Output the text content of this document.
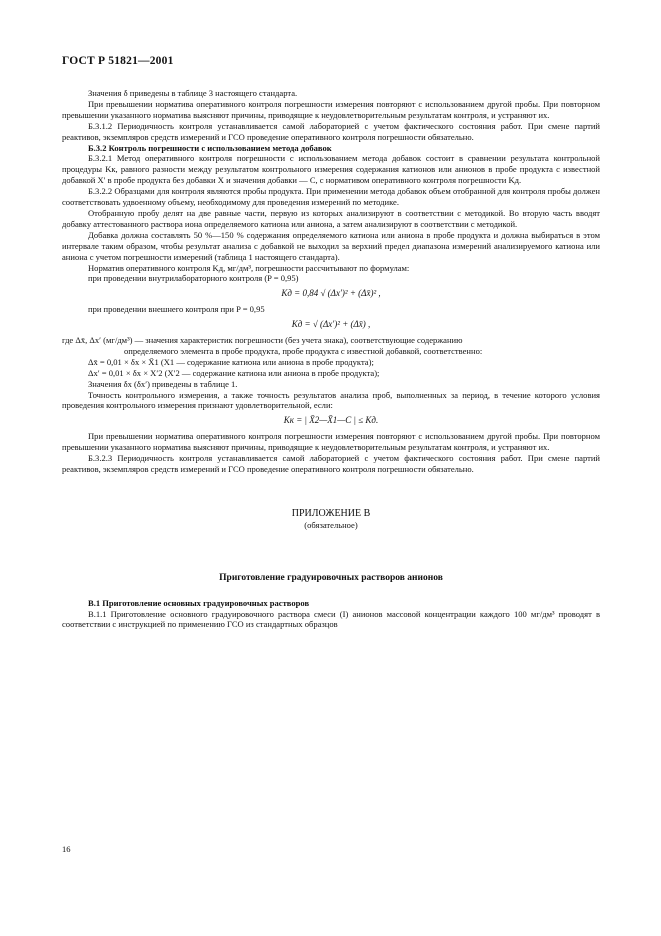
ГОСТ Р 51821—2001

Значения δ приведены в таблице 3 настоящего стандарта.

При превышении норматива оперативного контроля погрешности измерения повторяют с использованием другой пробы. При повторном превышении указанного норматива выясняют причины, приводящие к неудовлетворительным результатам контроля, и устраняют их.

Б.3.1.2 Периодичность контроля устанавливается самой лабораторией с учетом фактического состояния работ. При смене партий реактивов, экземпляров средств измерений и ГСО проведение оперативного контроля погрешности обязательно.

Б.3.2 Контроль погрешности с использованием метода добавок

Б.3.2.1 Метод оперативного контроля погрешности с использованием метода добавок состоит в сравнении результата контрольной процедуры Kк, равного разности между результатом контрольного измерения содержания катионов или анионов в пробе продукта с известной добавкой X′ в пробе продукта без добавки X и значения добавки — C, с нормативом оперативного контроля погрешности Kд.

Б.3.2.2 Образцами для контроля являются пробы продукта. При применении метода добавок объем отобранной для контроля пробы должен соответствовать удвоенному объему, необходимому для проведения измерений по методике.

Отобранную пробу делят на две равные части, первую из которых анализируют в соответствии с методикой. Во вторую часть вводят добавку аттестованного раствора иона определяемого катиона или аниона, а затем анализируют в соответствии с методикой.

Добавка должна составлять 50 %—150 % содержания определяемого катиона или аниона в пробе продукта и должна выбираться в этом интервале таким образом, чтобы результат анализа с добавкой не выходил за верхний предел диапазона измерений анализируемого катиона или аниона с учетом погрешности измерений (таблица 1 настоящего стандарта).

Норматив оперативного контроля Kд, мг/дм³, погрешности рассчитывают по формулам:

при проведении внутрилабораторного контроля (P = 0,95)

Kд = 0,84 √ (Δx′)² + (Δx̄)² ,

при проведении внешнего контроля при P = 0,95

Kд = √ (Δx′)² + (Δx̄) ,

где Δx̄, Δx′ (мг/дм³) — значения характеристик погрешности (без учета знака), соответствующие содержанию

определяемого элемента в пробе продукта, пробе продукта с известной добавкой, соответственно:

Δx̄ = 0,01 × δx × X̄1 (X1 — содержание катиона или аниона в пробе продукта);

Δx′ = 0,01 × δx × X′2 (X′2 — содержание катиона или аниона в пробе продукта);

Значения δx (δx′) приведены в таблице 1.

Точность контрольного измерения, а также точность результатов анализа проб, выполненных за период, в течение которого условия проведения контрольного измерения признают удовлетворительной, если:

Kк = | X̄2—X̄1—C | ≤ Kд.

При превышении норматива оперативного контроля погрешности измерения повторяют с использованием другой пробы. При повторном превышении указанного норматива выясняют причины, приводящие к неудовлетворительным результатам контроля, и устраняют их.

Б.3.2.3 Периодичность контроля устанавливается самой лабораторией с учетом фактического состояния работ. При смене партий реактивов, экземпляров средств измерений и ГСО проведение оперативного контроля погрешности обязательно.

ПРИЛОЖЕНИЕ В

(обязательное)

Приготовление градуировочных растворов анионов

В.1 Приготовление основных градуировочных растворов

В.1.1 Приготовление основного градуировочного раствора смеси (I) анионов массовой концентрации каждого 100 мг/дм³ проводят в соответствии с инструкцией по применению ГСО из стандартных образцов

16
